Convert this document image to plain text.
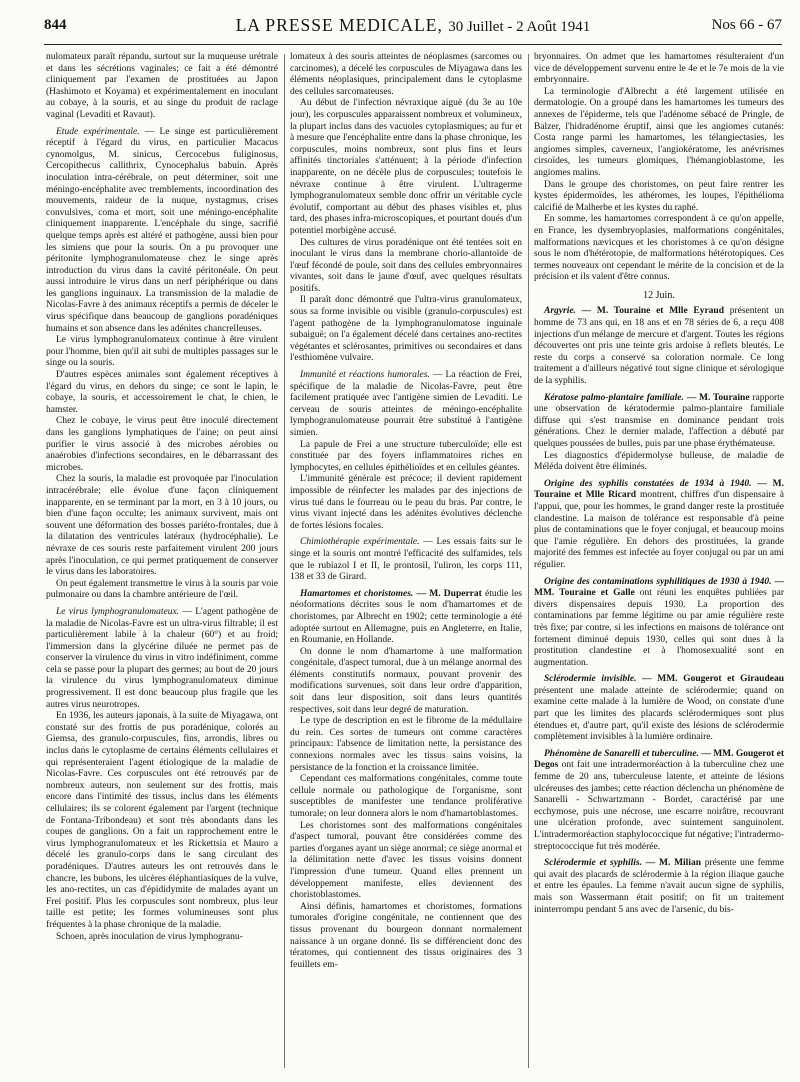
844	LA PRESSE MEDICALE, 30 Juillet - 2 Août 1941	Nos 66 - 67

nulomateux paraît répandu, surtout sur la muqueuse urétrale et dans les sécrétions vaginales; ce fait a été démontré cliniquement par l'examen de prostituées au Japon (Hashimoto et Koyama) et expérimentalement en inoculant au cobaye, à la souris, et au singe du produit de raclage vaginal (Levaditi et Ravaut).

Etude expérimentale. — Le singe est particulièrement réceptif à l'égard du virus, en particulier Macacus cynomolgus, M. sinicus, Cercocebus fuliginosus, Cercopithecus callithrix, Cynocephalus babuin. Après inoculation intra-cérébrale, on peut déterminer, soit une méningo-encéphalite avec tremblements, incoordination des mouvements, raideur de la nuque, nystagmus, crises convulsives, coma et mort, soit une méningo-encéphalite cliniquement inapparente. L'encéphale du singe, sacrifié quelque temps après est altéré et pathogène, aussi bien pour les simiens que pour la souris. On a pu provoquer une péritonite lymphogranulomateuse chez le singe après introduction du virus dans la cavité péritonéale. On peut aussi introduire le virus dans un nerf périphérique ou dans les ganglions inguinaux. La transmission de la maladie de Nicolas-Favre à des animaux réceptifs a permis de déceler le virus spécifique dans beaucoup de ganglions poradéniques humains et son absence dans les adénites chancrelleuses.

Le virus lymphogranulomateux continue à être virulent pour l'homme, bien qu'il ait subi de multiples passages sur le singe ou la souris.

D'autres espèces animales sont également réceptives à l'égard du virus, en dehors du singe; ce sont le lapin, le cobaye, la souris, et accessoirement le chat, le chien, le hamster.

Chez le cobaye, le virus peut être inoculé directement dans les ganglions lymphatiques de l'aine; on peut ainsi purifier le virus associé à des microbes aérobies ou anaérobies d'infections secondaires, en le débarrassant des microbes.

Chez la souris, la maladie est provoquée par l'inoculation intracérébrale; elle évolue d'une façon cliniquement inapparente, en se terminant par la mort, en 3 à 10 jours, ou bien d'une façon occulte; les animaux survivent, mais ont souvent une déformation des bosses pariéto-frontales, due à la dilatation des ventricules latéraux (hydrocéphalie). Le névraxe de ces souris reste parfaitement virulent 200 jours après l'inoculation, ce qui permet pratiquement de conserver le virus dans les laboratoires.

On peut également transmettre le virus à la souris par voie pulmonaire ou dans la chambre antérieure de l'œil.

Le virus lymphogranulomateux. — L'agent pathogène de la maladie de Nicolas-Favre est un ultra-virus filtrable; il est particulièrement labile à la chaleur (60°) et au froid; l'immersion dans la glycérine diluée ne permet pas de conserver la virulence du virus in vitro indéfiniment, comme cela se passe pour la plupart des germes; au bout de 20 jours la virulence du virus lymphogranulomateux diminue progressivement. Il est donc beaucoup plus fragile que les autres virus neurotropes.

En 1936, les auteurs japonais, à la suite de Miyagawa, ont constaté sur des frottis de pus poradénique, colorés au Giemsa, des granulo-corpuscules, fins, arrondis, libres ou inclus dans le cytoplasme de certains éléments cellulaires et qui représenteraient l'agent étiologique de la maladie de Nicolas-Favre. Ces corpuscules ont été retrouvés par de nombreux auteurs, non seulement sur des frottis, mais encore dans l'intimité des tissus, inclus dans les éléments cellulaires; ils se colorent également par l'argent (technique de Fontana-Tribondeau) et sont très abondants dans les coupes de ganglions. On a fait un rapprochement entre le virus lymphogranulomateux et les Rickettsia et Mauro a décelé les granulo-corps dans le sang circulant des poradéniques. D'autres auteurs les ont retrouvés dans le chancre, les bubons, les ulcères éléphantiasiques de la vulve, les ano-rectites, un cas d'épididymite de malades ayant un Frei positif. Plus les corpuscules sont nombreux, plus leur taille est petite; les formes volumineuses sont plus fréquentes à la phase chronique de la maladie.

Schoen, après inoculation de virus lymphogranu-

lomateux à des souris atteintes de néoplasmes (sarcomes ou carcinomes), a décelé les corpuscules de Miyagawa dans les éléments néoplasiques, principalement dans le cytoplasme des cellules sarcomateuses.

Au début de l'infection névraxique aiguë (du 3e au 10e jour), les corpuscules apparaissent nombreux et volumineux, la plupart inclus dans des vacuoles cytoplasmiques; au fur et à mesure que l'encéphalite entre dans la phase chronique, les corpuscules, moins nombreux, sont plus fins et leurs affinités tinctoriales s'atténuent; à la période d'infection inapparente, on ne décèle plus de corpuscules; toutefois le névraxe continue à être virulent. L'ultragerme lymphogranulomateux semble donc offrir un véritable cycle évolutif, comportant au début des phases visibles et, plus tard, des phases infra-microscopiques, et pourtant doués d'un potentiel morbigène accusé.

Des cultures de virus poradénique ont été tentées soit en inoculant le virus dans la membrane chorio-allantoïde de l'œuf fécondé de poule, soit dans des cellules embryonnaires vivantes, soit dans le jaune d'œuf, avec quelques résultats positifs.

Il paraît donc démontré que l'ultra-virus granulomateux, sous sa forme invisible ou visible (granulo-corpuscules) est l'agent pathogène de la lymphogranulomatose inguinale subaiguë; on l'a également décelé dans certaines ano-rectites végétantes et sclérosantes, primitives ou secondaires et dans l'esthiomène vulvaire.

Immunité et réactions humorales. — La réaction de Frei, spécifique de la maladie de Nicolas-Favre, peut être facilement pratiquée avec l'antigène simien de Levaditi. Le cerveau de souris atteintes de méningo-encéphalite lymphogranulomateuse pourrait être substitué à l'antigène simien.

La papule de Frei a une structure tuberculoïde; elle est constituée par des foyers inflammatoires riches en lymphocytes, en cellules épithélioïdes et en cellules géantes.

L'immunité générale est précoce; il devient rapidement impossible de réinfecter les malades par des injections de virus tué dans le fourreau ou le peau du bras. Par contre, le virus vivant injecté dans les adénites évolutives déclenche de fortes lésions focales.

Chimiothérapie expérimentale. — Les essais faits sur le singe et la souris ont montré l'efficacité des sulfamides, tels que le rubiazol I et II, le prontosil, l'uliron, les corps 111, 138 et 33 de Girard.

Hamartomes et choristomes. — M. Duperrat étudie les néoformations décrites sous le nom d'hamartomes et de choristomes, par Albrecht en 1902; cette terminologie a été adoptée surtout en Allemagne, puis en Angleterre, en Italie, en Roumanie, en Hollande.

On donne le nom d'hamartome à une malformation congénitale, d'aspect tumoral, due à un mélange anormal des éléments constitutifs normaux, pouvant provenir des modifications survenues, soit dans leur ordre d'apparition, soit dans leur disposition, soit dans leurs quantités respectives, soit dans leur degré de maturation.

Le type de description en est le fibrome de la médullaire du rein. Ces sortes de tumeurs ont comme caractères principaux: l'absence de limitation nette, la persistance des connexions normales avec les tissus sains voisins, la persistance de la fonction et la croissance limitée.

Cependant ces malformations congénitales, comme toute cellule normale ou pathologique de l'organisme, sont susceptibles de manifester une tendance proliférative tumorale; on leur donnera alors le nom d'hamartoblastomes.

Les choristomes sont des malformations congénitales d'aspect tumoral, pouvant être considérées comme des parties d'organes ayant un siège anormal; ce siège anormal et la délimitation nette d'avec les tissus voisins donnent l'impression d'une tumeur. Quand elles prennent un développement manifeste, elles deviennent des choristoblastomes.

Ainsi définis, hamartomes et choristomes, formations tumorales d'origine congénitale, ne contiennent que des tissus provenant du bourgeon donnant normalement naissance à un organe donné. Ils se différencient donc des tératomes, qui contiennent des tissus originaires des 3 feuillets em-

bryonnaires. On admet que les hamartomes résulteraient d'un vice de développement survenu entre le 4e et le 7e mois de la vie embryonnaire.

La terminologie d'Albrecht a été largement utilisée en dermatologie. On a groupé dans les hamartomes les tumeurs des annexes de l'épiderme, tels que l'adénome sébacé de Pringle, de Balzer, l'hidradénome éruptif, ainsi que les angiomes cutanés: Costa range parmi les hamartomes, les télangiectasies, les angiomes simples, caverneux, l'angiokératome, les anévrismes cirsoïdes, les tumeurs glomiques, l'hémangioblastome, les angiomes malins.

Dans le groupe des choristomes, on peut faire rentrer les kystes épidermoïdes, les athéromes, les loupes, l'épithélioma calcifié de Malherbe et les kystes du raphé.

En somme, les hamartomes correspondent à ce qu'on appelle, en France, les dysembryoplasies, malformations congénitales, malformations nævicques et les choristomes à ce qu'on désigne sous le nom d'hétérotopie, de malformations hétérotopiques. Ces termes nouveaux ont cependant le mérite de la concision et de la précision et ils valent d'être connus.

12 Juin.

Argyrie. — M. Touraine et Mlle Eyraud présentent un homme de 73 ans qui, en 18 ans et en 78 séries de 6, a reçu 408 injections d'un mélange de mercure et d'argent. Toutes les régions découvertes ont pris une teinte gris ardoise à reflets bleutés. Le reste du corps a conservé sa coloration normale. Ce long traitement a d'ailleurs négativé tout signe clinique et sérologique de la syphilis.

Kératose palmo-plantaire familiale. — M. Touraine rapporte une observation de kératodermie palmo-plantaire familiale diffuse qui s'est transmise en dominance pendant trois générations. Chez le dernier malade, l'affection a débuté par quelques poussées de bulles, puis par une phase érythémateuse.

Les diagnostics d'épidermolyse bulleuse, de maladie de Méléda doivent être éliminés.

Origine des syphilis constatées de 1934 à 1940. — M. Touraine et Mlle Ricard montrent, chiffres d'un dispensaire à l'appui, que, pour les hommes, le grand danger reste la prostituée clandestine. La maison de tolérance est responsable d'à peine plus de contaminations que le foyer conjugal, et beaucoup moins que l'amie régulière. En dehors des prostituées, la grande majorité des femmes est infectée au foyer conjugal ou par un ami régulier.

Origine des contaminations syphilitiques de 1930 à 1940. — MM. Touraine et Galle ont réuni les enquêtes publiées par divers dispensaires depuis 1930. La proportion des contaminations par femme légitime ou par amie régulière reste très fixe; par contre, si les infections en maisons de tolérance ont fortement diminué depuis 1930, celles qui sont dues à la prostitution clandestine et à l'homosexualité sont en augmentation.

Sclérodermie invisible. — MM. Gougerot et Giraudeau présentent une malade atteinte de sclérodermie; quand on examine cette malade à la lumière de Wood, on constate d'une part que les limites des placards sclérodermiques sont plus étendues et, d'autre part, qu'il existe des lésions de sclérodermie complètement invisibles à la lumière ordinaire.

Phénomène de Sanarelli et tuberculine. — MM. Gougerot et Degos ont fait une intradermoréaction à la tuberculine chez une femme de 20 ans, tuberculeuse latente, et atteinte de lésions ulcéreuses des jambes; cette réaction déclencha un phénomène de Sanarelli - Schwartzmann - Bordet, caractérisé par une ecchymose, puis une nécrose, une escarre noirâtre, recouvrant une ulcération profonde, avec suintement sanguinolent. L'intradermoréaction staphylococcique fut négative; l'intradermo-streptococcique fut très modérée.

Sclérodermie et syphilis. — M. Milian présente une femme qui avait des placards de sclérodermie à la région iliaque gauche et entre les épaules. La femme n'avait aucun signe de syphilis, mais son Wassermann était positif; on fit un traitement ininterrompu pendant 5 ans avec de l'arsenic, du bis-
